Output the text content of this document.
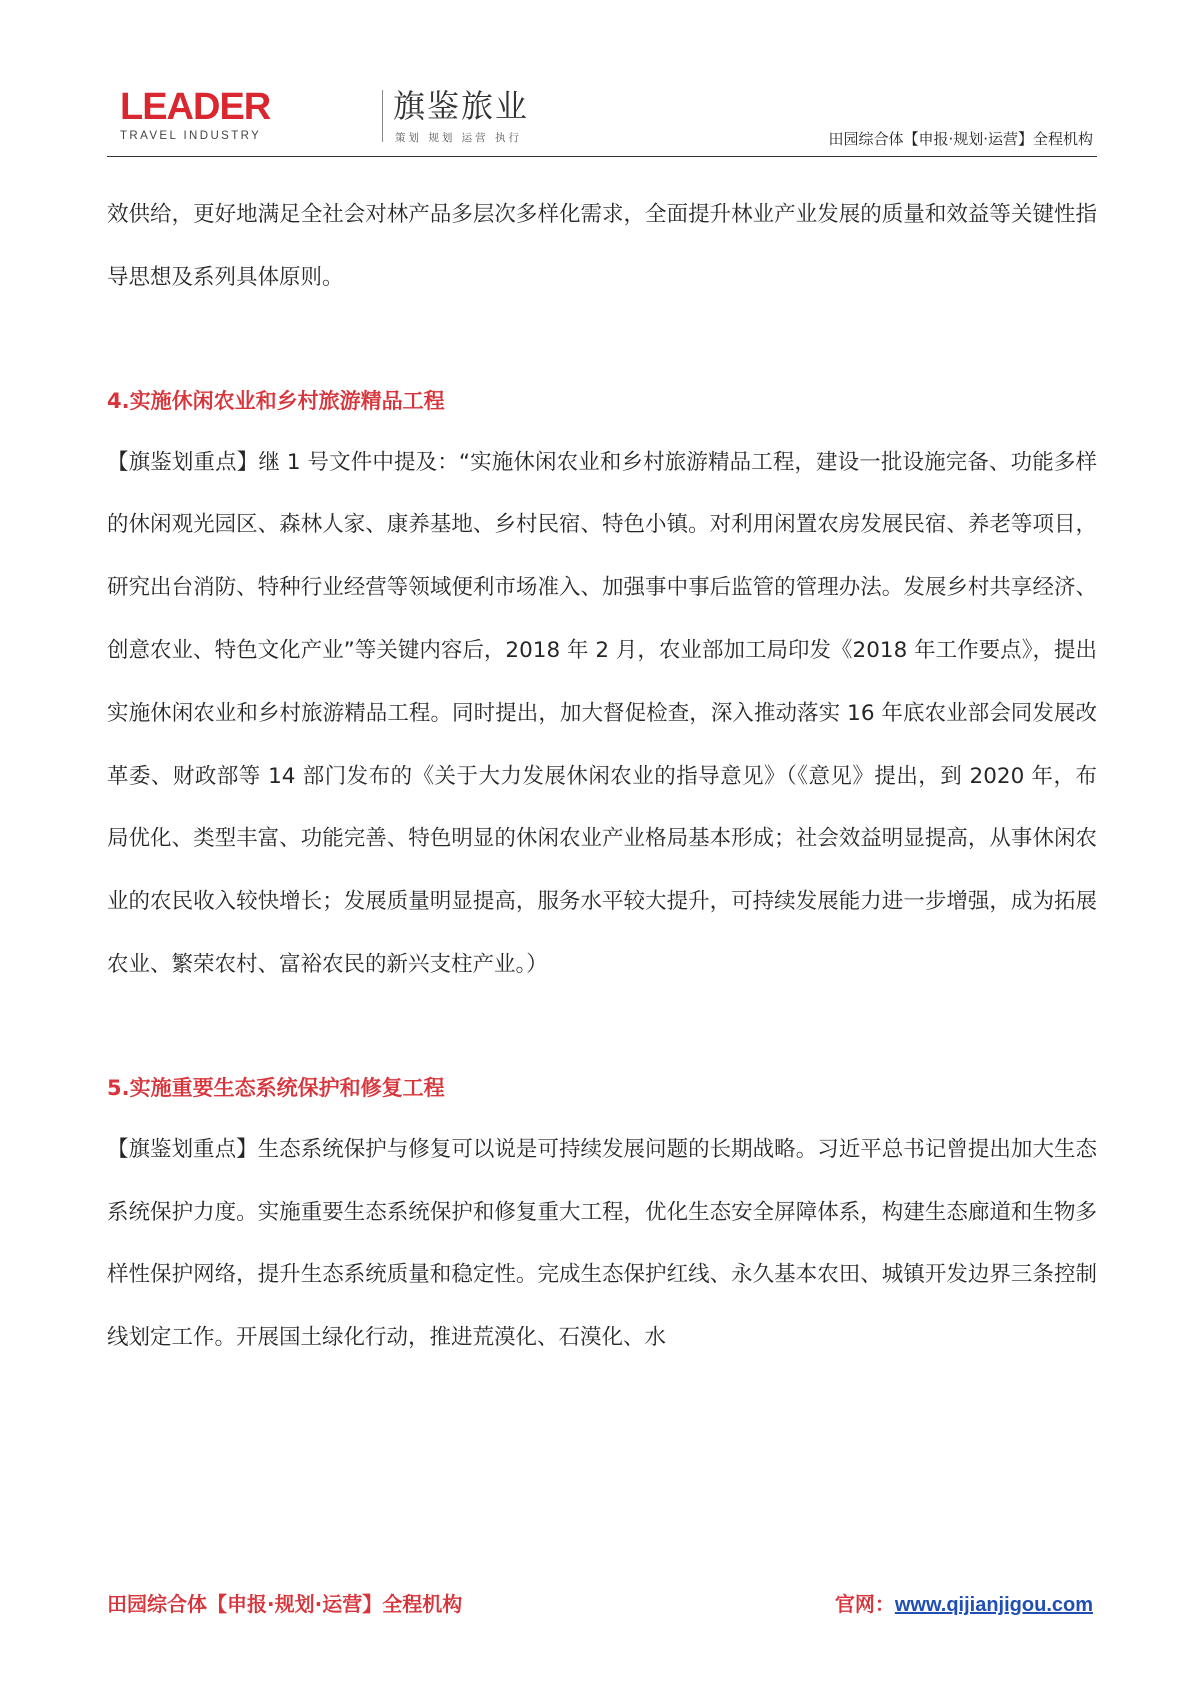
LEADER
TRAVEL INDUSTRY
旗鉴旅业
策划 规划 运营 执行	田园综合体【申报·规划·运营】全程机构

效供给，更好地满足全社会对林产品多层次多样化需求，全面提升林业产业发展的质量和效益等关键性指导思想及系列具体原则。

4.实施休闲农业和乡村旅游精品工程

【旗鉴划重点】继 1 号文件中提及：“实施休闲农业和乡村旅游精品工程，建设一批设施完备、功能多样的休闲观光园区、森林人家、康养基地、乡村民宿、特色小镇。对利用闲置农房发展民宿、养老等项目，研究出台消防、特种行业经营等领域便利市场准入、加强事中事后监管的管理办法。发展乡村共享经济、创意农业、特色文化产业”等关键内容后，2018 年 2 月，农业部加工局印发《2018 年工作要点》，提出实施休闲农业和乡村旅游精品工程。同时提出，加大督促检查，深入推动落实 16 年底农业部会同发展改革委、财政部等 14 部门发布的《关于大力发展休闲农业的指导意见》（《意见》提出，到 2020 年，布局优化、类型丰富、功能完善、特色明显的休闲农业产业格局基本形成；社会效益明显提高，从事休闲农业的农民收入较快增长；发展质量明显提高，服务水平较大提升，可持续发展能力进一步增强，成为拓展农业、繁荣农村、富裕农民的新兴支柱产业。）

5.实施重要生态系统保护和修复工程

【旗鉴划重点】生态系统保护与修复可以说是可持续发展问题的长期战略。习近平总书记曾提出加大生态系统保护力度。实施重要生态系统保护和修复重大工程，优化生态安全屏障体系，构建生态廊道和生物多样性保护网络，提升生态系统质量和稳定性。完成生态保护红线、永久基本农田、城镇开发边界三条控制线划定工作。开展国土绿化行动，推进荒漠化、石漠化、水

田园综合体【申报·规划·运营】全程机构	官网：www.qijianjigou.com
